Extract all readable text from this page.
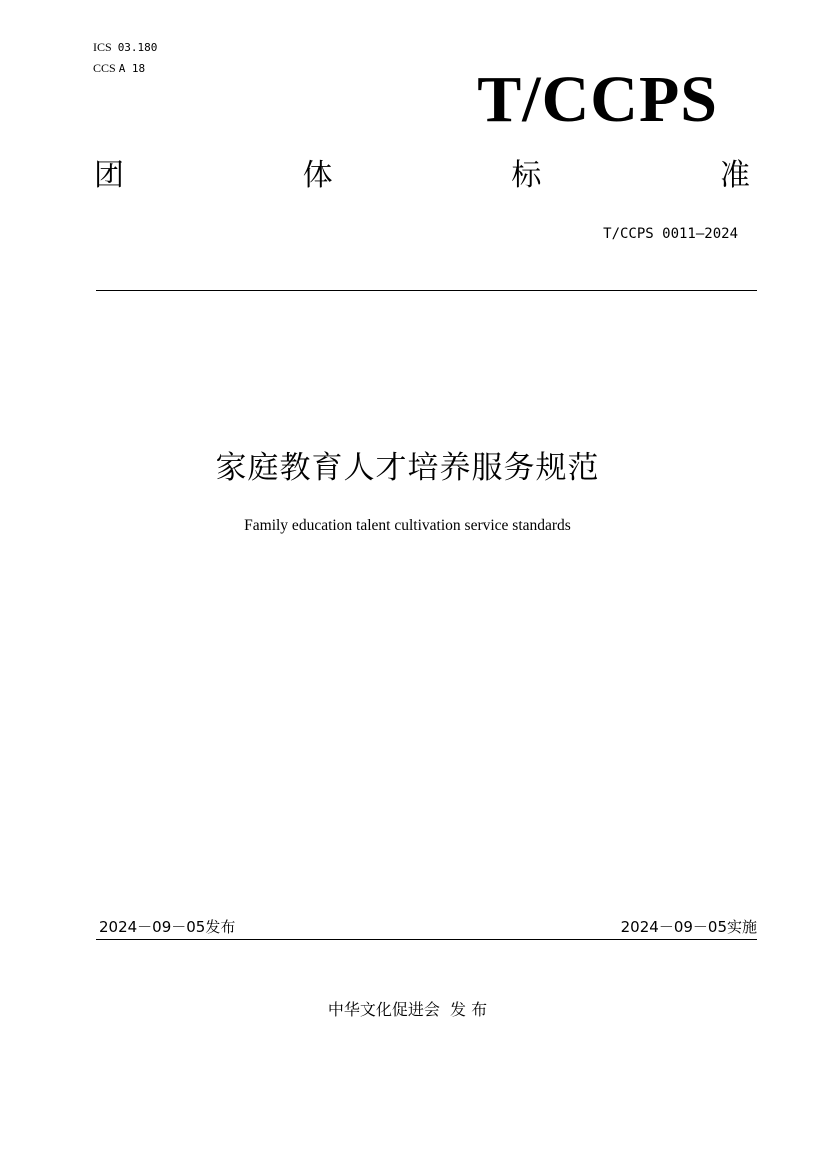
ICS 03.180
CCS A 18	T/CCPS
团	体	标	准
T/CCPS 0011—2024
家庭教育人才培养服务规范
Family education talent cultivation service standards
2024－09－05发布	2024－09－05实施
中华文化促进会  发 布
